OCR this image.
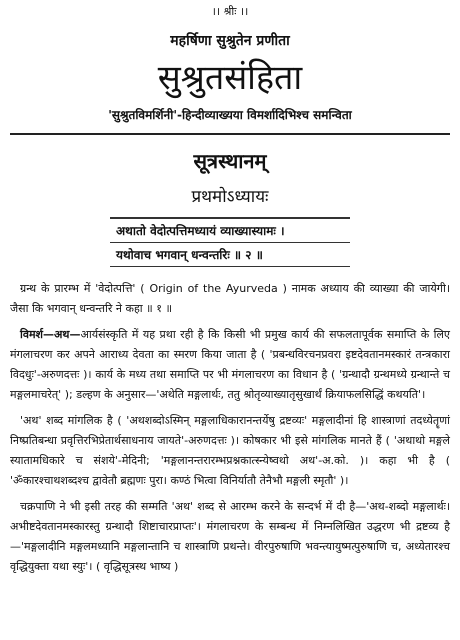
।। श्रीः ।।
महर्षिणा सुश्रुतेन प्रणीता
सुश्रुतसंहिता
'सुश्रुतविमर्शिनी'-हिन्दीव्याख्यया विमर्शादिभिश्च समन्विता
सूत्रस्थानम्
प्रथमोऽध्यायः
अथातो वेदोत्पत्तिमध्यायं व्याख्यास्यामः ।
यथोवाच भगवान् धन्वन्तरिः ॥ २ ॥

ग्रन्थ के प्रारम्भ में 'वेदोत्पत्ति' ( Origin of the Ayurveda ) नामक अध्याय की व्याख्या की जायेगी। जैसा कि भगवान् धन्वन्तरि ने कहा ॥ १ ॥

विमर्श—अथ—आर्यसंस्कृति में यह प्रथा रही है कि किसी भी प्रमुख कार्य की सफलतापूर्वक समाप्ति के लिए मंगलाचरण कर अपने आराध्य देवता का स्मरण किया जाता है ( 'प्रबन्धविरचनप्रवरा इष्टदेवतानमस्कारं तन्त्रकारा विदधुः'-अरुणदत्तः )। कार्य के मध्य तथा समाप्ति पर भी मंगलाचरण का विधान है ( 'ग्रन्थादौ ग्रन्थमध्ये ग्रन्थान्ते च मङ्गलमाचरेत्' ); डल्हण के अनुसार—'अथेति मङ्गलार्थः, ततु श्रोतृव्याख्यातृसुखार्थं क्रियाफलसिद्धिं कथयति'।

'अथ' शब्द मांगलिक है ( 'अथशब्दोऽस्मिन् मङ्गलाधिकारानन्तर्येषु द्रष्टव्यः' मङ्गलादीनां हि शास्त्राणां तदध्येतॄणां निष्प्रतिबन्धा प्रवृत्तिरभिप्रेतार्थसाधनाय जायते'-अरुणदत्तः )। कोषकार भी इसे मांगलिक मानते हैं ( 'अथाथो मङ्गले स्यातामधिकारे च संशये'-मेदिनी; 'मङ्गलानन्तरारम्भप्रश्नकात्स्न्येष्वथो अथ'-अ.को. )। कहा भी है ( 'ॐकारश्चाथशब्दश्च द्वावेतौ ब्रह्मणः पुरा। कण्ठं भित्वा विनिर्यातौ तेनैभौ मङ्गली स्मृतौ' )।

चक्रपाणि ने भी इसी तरह की सम्मति 'अथ' शब्द से आरम्भ करने के सन्दर्भ में दी है—'अथ-शब्दो मङ्गलार्थः। अभीष्टदेवतानमस्कारस्तु ग्रन्थादौ शिष्टाचारप्राप्तः'। मंगलाचरण के सम्बन्ध में निम्नलिखित उद्धरण भी द्रष्टव्य है—'मङ्गलादीनि मङ्गलमध्यानि मङ्गलान्तानि च शास्त्राणि प्रथन्ते। वीरपुरुषाणि भवन्त्यायुष्मत्पुरुषाणि च, अध्येतारश्च वृद्धियुक्ता यथा स्युः'। ( वृद्धिसूत्रस्थ भाष्य )
